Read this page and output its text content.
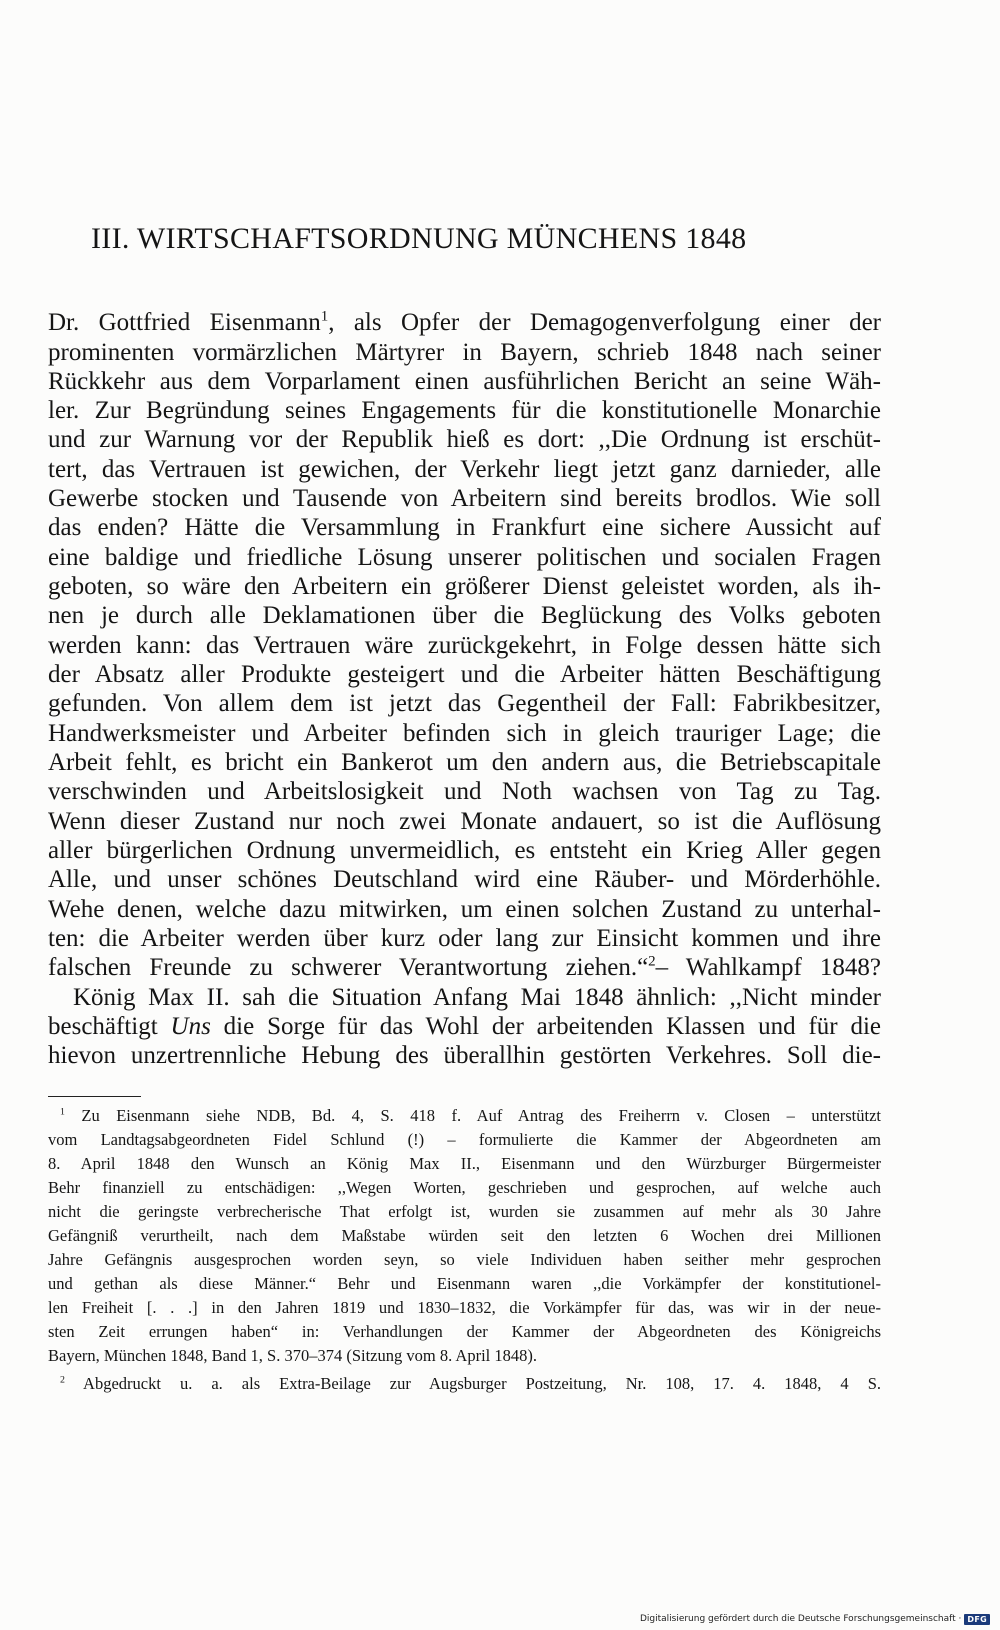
III. WIRTSCHAFTSORDNUNG MÜNCHENS 1848
Dr. Gottfried Eisenmann$^1$, als Opfer der Demagogenverfolgung einer der
prominenten vormärzlichen Märtyrer in Bayern, schrieb 1848 nach seiner
Rückkehr aus dem Vorparlament einen ausführlichen Bericht an seine Wäh-
ler. Zur Begründung seines Engagements für die konstitutionelle Monarchie
und zur Warnung vor der Republik hieß es dort: ,,Die Ordnung ist erschüt-
tert, das Vertrauen ist gewichen, der Verkehr liegt jetzt ganz darnieder, alle
Gewerbe stocken und Tausende von Arbeitern sind bereits brodlos. Wie soll
das enden? Hätte die Versammlung in Frankfurt eine sichere Aussicht auf
eine baldige und friedliche Lösung unserer politischen und socialen Fragen
geboten, so wäre den Arbeitern ein größerer Dienst geleistet worden, als ih-
nen je durch alle Deklamationen über die Beglückung des Volks geboten
werden kann: das Vertrauen wäre zurückgekehrt, in Folge dessen hätte sich
der Absatz aller Produkte gesteigert und die Arbeiter hätten Beschäftigung
gefunden. Von allem dem ist jetzt das Gegentheil der Fall: Fabrikbesitzer,
Handwerksmeister und Arbeiter befinden sich in gleich trauriger Lage; die
Arbeit fehlt, es bricht ein Bankerot um den andern aus, die Betriebscapitale
verschwinden und Arbeitslosigkeit und Noth wachsen von Tag zu Tag.
Wenn dieser Zustand nur noch zwei Monate andauert, so ist die Auflösung
aller bürgerlichen Ordnung unvermeidlich, es entsteht ein Krieg Aller gegen
Alle, und unser schönes Deutschland wird eine Räuber- und Mörderhöhle.
Wehe denen, welche dazu mitwirken, um einen solchen Zustand zu unterhal-
ten: die Arbeiter werden über kurz oder lang zur Einsicht kommen und ihre
falschen Freunde zu schwerer Verantwortung ziehen.“$^2$– Wahlkampf 1848?
König Max II. sah die Situation Anfang Mai 1848 ähnlich: ,,Nicht minder
beschäftigt Uns die Sorge für das Wohl der arbeitenden Klassen und für die
hievon unzertrennliche Hebung des überallhin gestörten Verkehres. Soll die-
$^1$ Zu Eisenmann siehe NDB, Bd. 4, S. 418 f. Auf Antrag des Freiherrn v. Closen – unterstützt
vom Landtagsabgeordneten Fidel Schlund (!) – formulierte die Kammer der Abgeordneten am
8. April 1848 den Wunsch an König Max II., Eisenmann und den Würzburger Bürgermeister
Behr finanziell zu entschädigen: ,,Wegen Worten, geschrieben und gesprochen, auf welche auch
nicht die geringste verbrecherische That erfolgt ist, wurden sie zusammen auf mehr als 30 Jahre
Gefängniß verurtheilt, nach dem Maßstabe würden seit den letzten 6 Wochen drei Millionen
Jahre Gefängnis ausgesprochen worden seyn, so viele Individuen haben seither mehr gesprochen
und gethan als diese Männer.“ Behr und Eisenmann waren ,,die Vorkämpfer der konstitutionel-
len Freiheit [. . .] in den Jahren 1819 und 1830–1832, die Vorkämpfer für das, was wir in der neue-
sten Zeit errungen haben“ in: Verhandlungen der Kammer der Abgeordneten des Königreichs
Bayern, München 1848, Band 1, S. 370–374 (Sitzung vom 8. April 1848).
$^2$ Abgedruckt u. a. als Extra-Beilage zur Augsburger Postzeitung, Nr. 108, 17. 4. 1848, 4 S.
Digitalisierung gefördert durch die Deutsche Forschungsgemeinschaft · DFG
